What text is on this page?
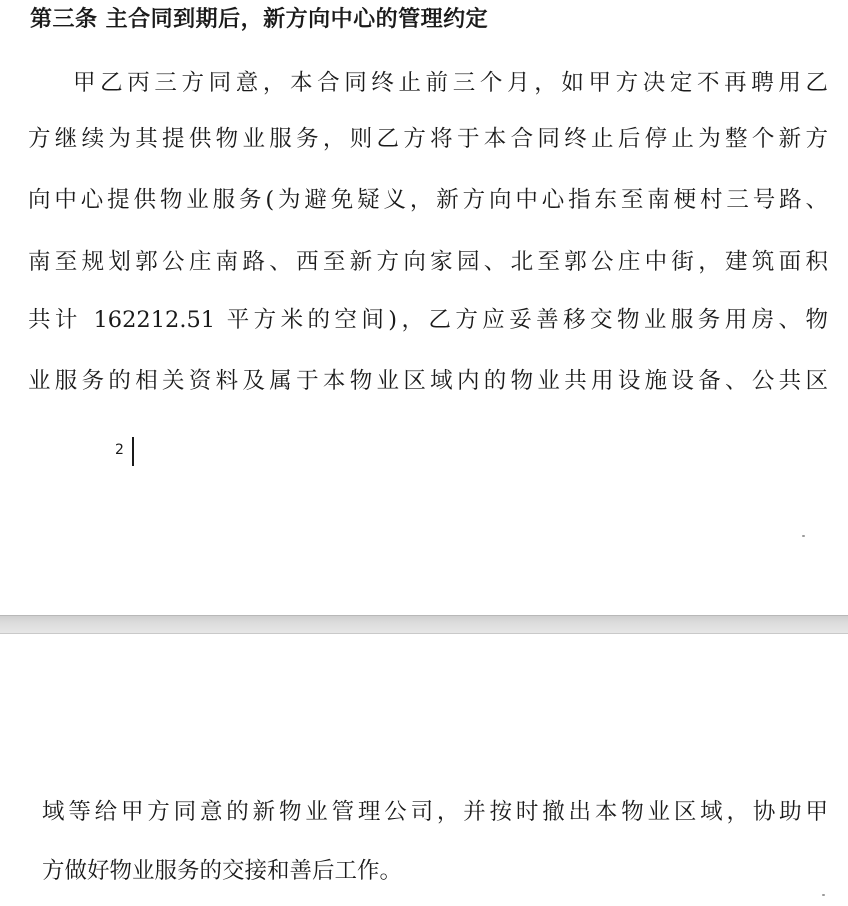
第三条 主合同到期后，新方向中心的管理约定

甲乙丙三方同意，本合同终止前三个月，如甲方决定不再聘用乙

方继续为其提供物业服务，则乙方将于本合同终止后停止为整个新方

向中心提供物业服务(为避免疑义，新方向中心指东至南梗村三号路、

南至规划郭公庄南路、西至新方向家园、北至郭公庄中街，建筑面积

共计 162212.51 平方米的空间)，乙方应妥善移交物业服务用房、物

业服务的相关资料及属于本物业区域内的物业共用设施设备、公共区

2

域等给甲方同意的新物业管理公司，并按时撤出本物业区域，协助甲

方做好物业服务的交接和善后工作。
